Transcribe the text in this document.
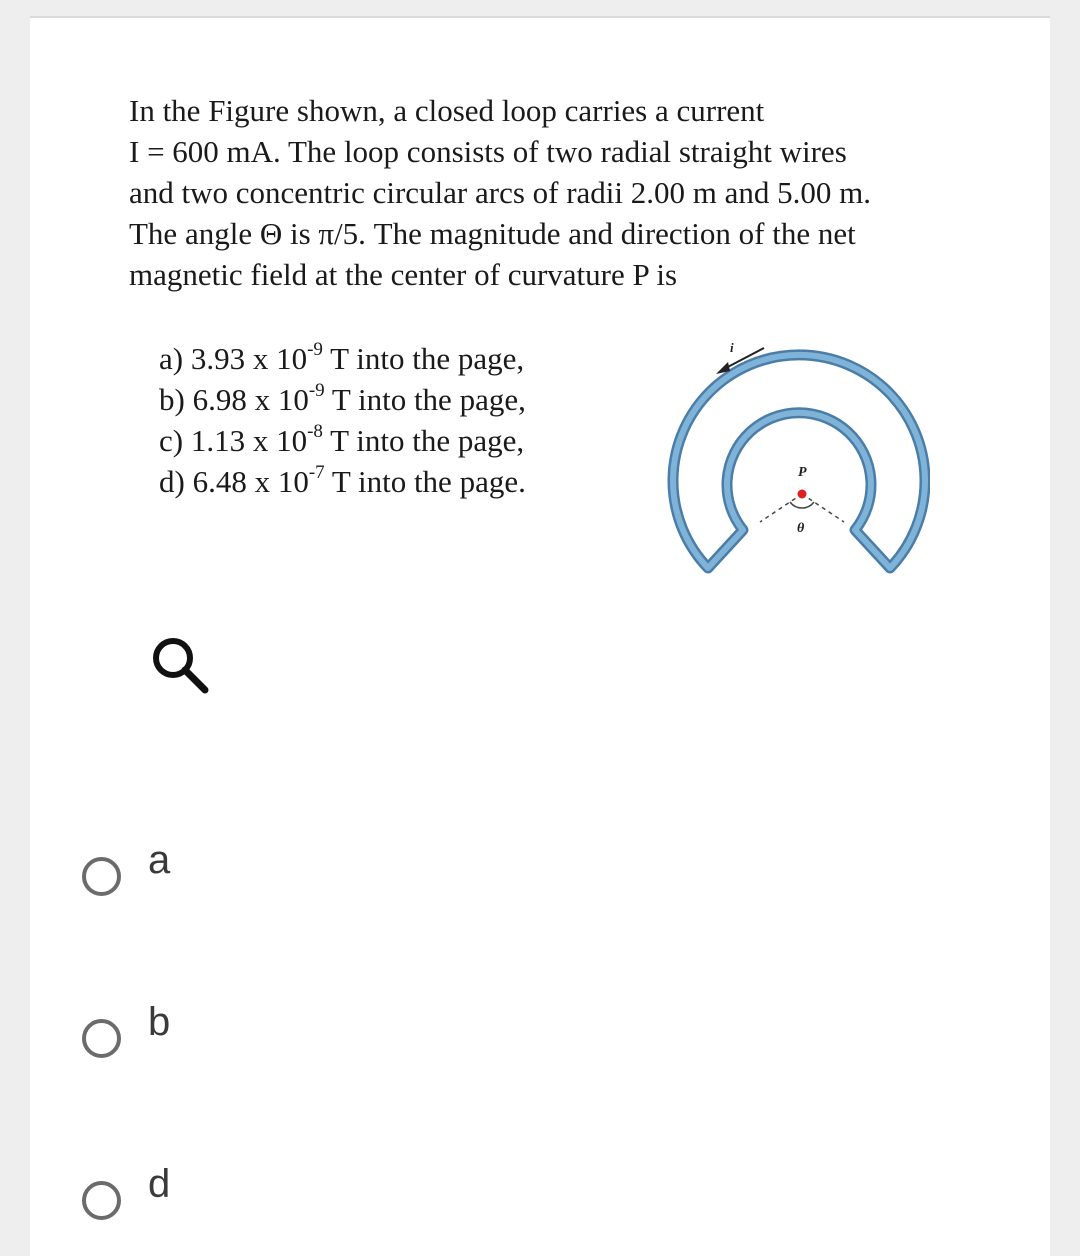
In the Figure shown, a closed loop carries a current
I = 600 mA. The loop consists of two radial straight wires
and two concentric circular arcs of radii 2.00 m and 5.00 m.
The angle Θ is π/5. The magnitude and direction of the net
magnetic field at the center of curvature P is

a) 3.93 x $10^{-9}$ T into the page,
b) 6.98 x $10^{-9}$ T into the page,
c) 1.13 x $10^{-8}$ T into the page,
d) 6.48 x $10^{-7}$ T into the page.	P
θ
i
a
b
d
